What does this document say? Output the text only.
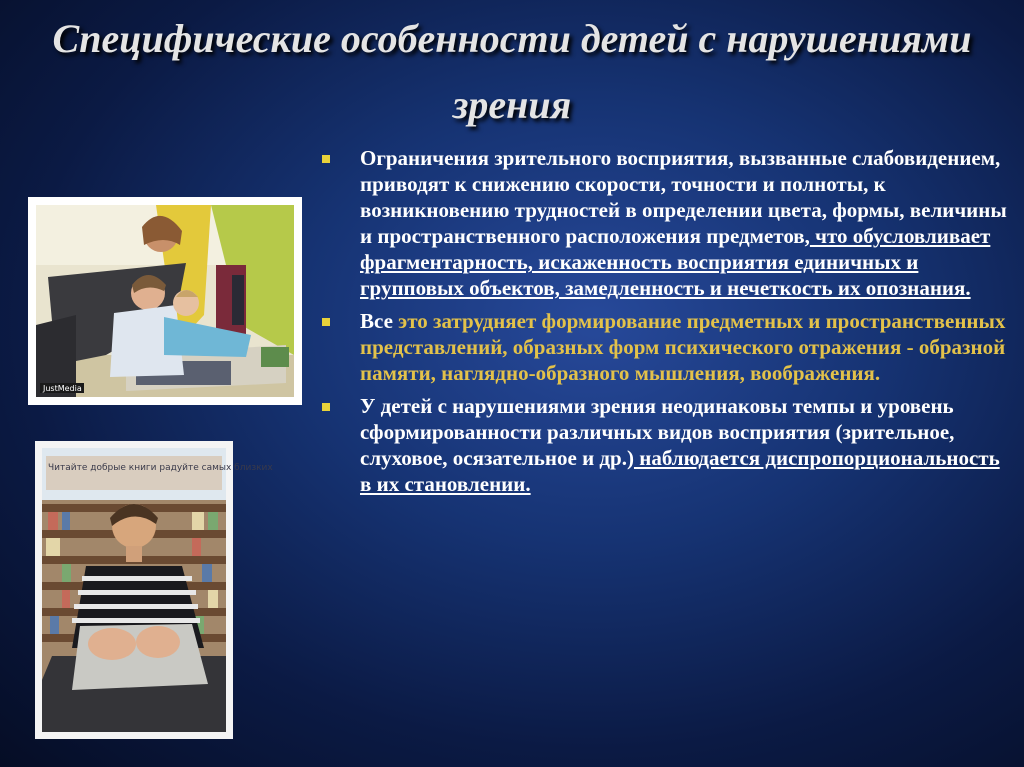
Специфические особенности детей с нарушениями зрения
JustMedia
Читайте добрые книги радуйте самых близких
Ограничения зрительного восприятия, вызванные слабовидением, приводят к снижению скорости, точности и полноты, к возникновению трудностей в определении цвета, формы, величины и пространственного расположения предметов, что обусловливает фрагментарность, искаженность восприятия единичных и групповых объектов, замедленность и нечеткость их опознания.
Все это затрудняет формирование предметных и пространственных представлений, образных форм психического отражения - образной памяти, наглядно-образного мышления, воображения.
У детей с нарушениями зрения неодинаковы темпы и уровень сформированности различных видов восприятия (зрительное, слуховое, осязательное и др.) наблюдается диспропорциональность в их становлении.
